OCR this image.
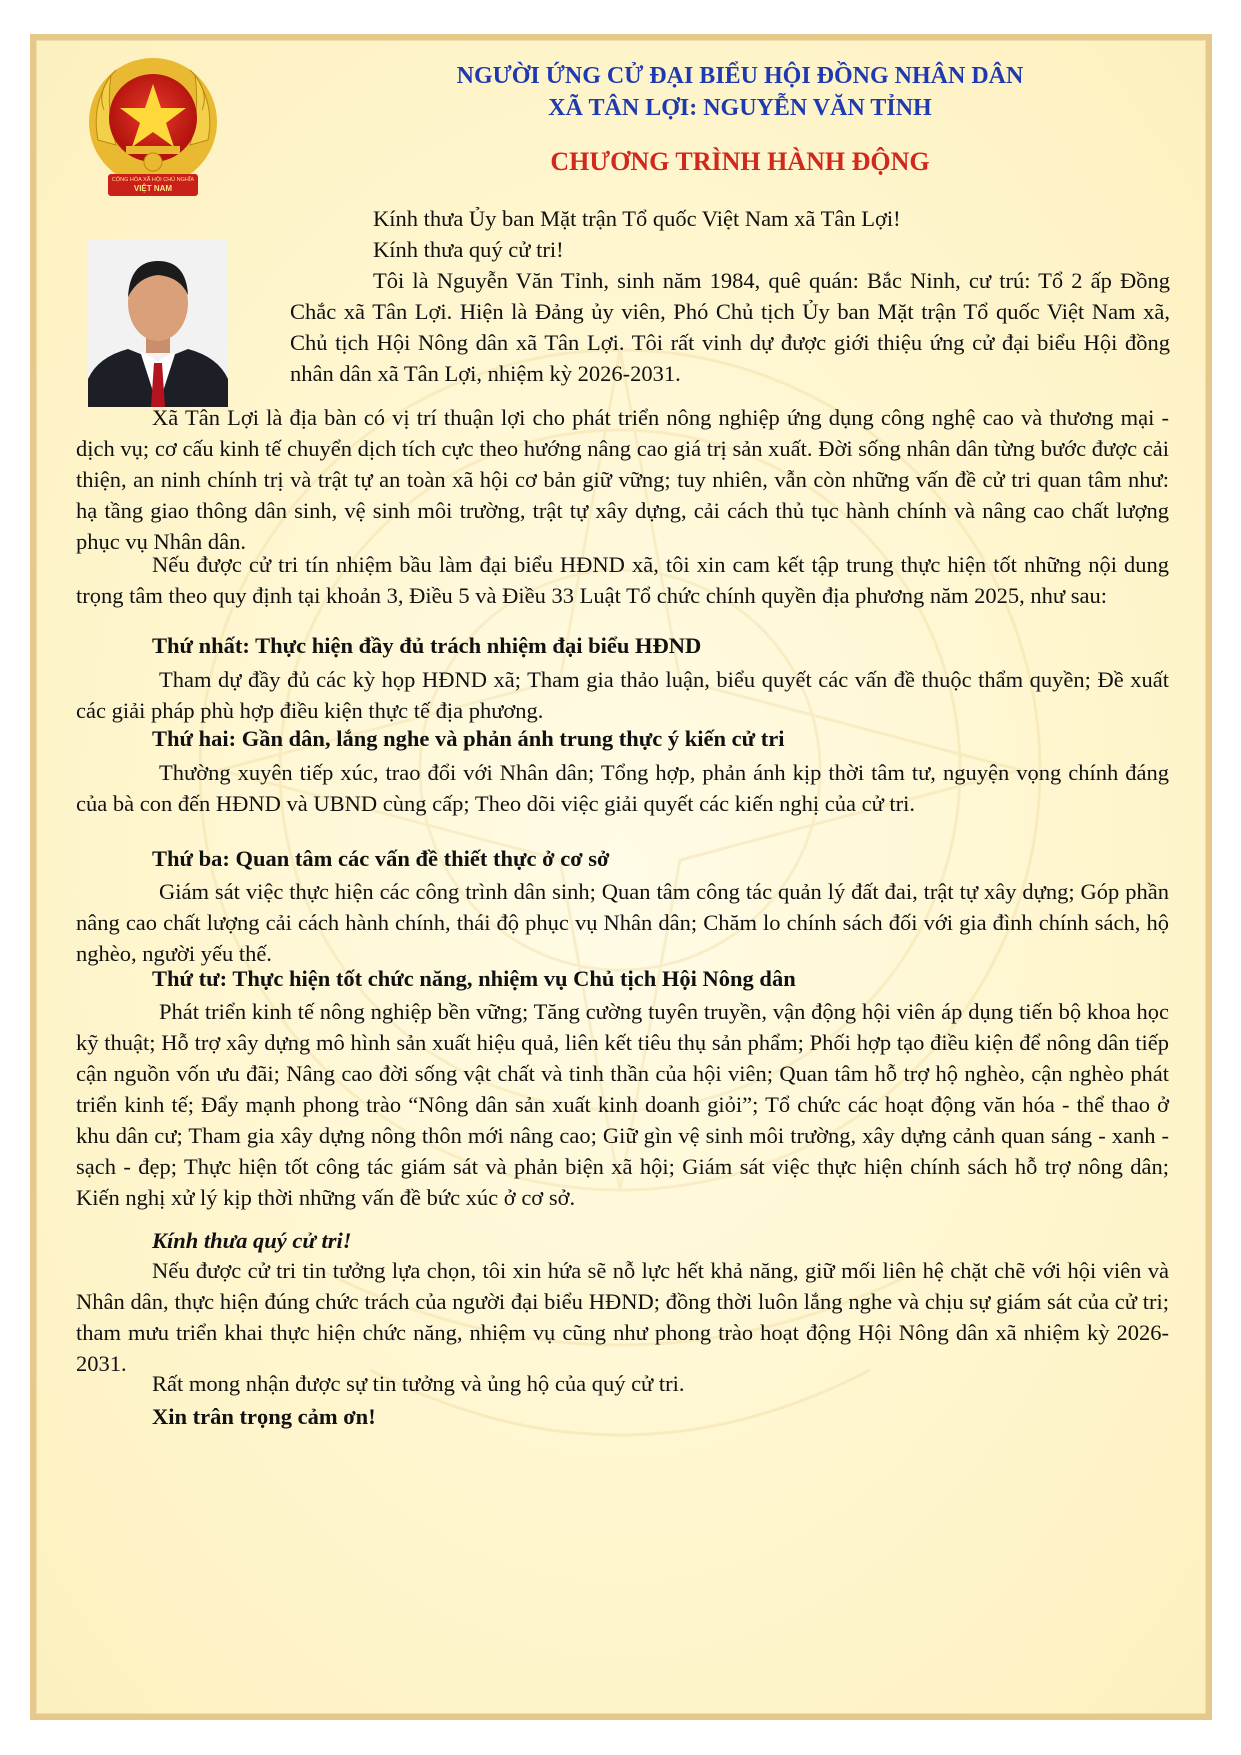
CỘNG HÒA XÃ HỘI CHỦ NGHĨA
VIỆT NAM
NGƯỜI ỨNG CỬ ĐẠI BIỂU HỘI ĐỒNG NHÂN DÂN
XÃ TÂN LỢI: NGUYỄN VĂN TỈNH
CHƯƠNG TRÌNH HÀNH ĐỘNG
Kính thưa Ủy ban Mặt trận Tổ quốc Việt Nam xã Tân Lợi!
Kính thưa quý cử tri!
Tôi là Nguyễn Văn Tỉnh, sinh năm 1984, quê quán: Bắc Ninh, cư trú: Tổ 2 ấp Đồng Chắc xã Tân Lợi. Hiện là Đảng ủy viên, Phó Chủ tịch Ủy ban Mặt trận Tổ quốc Việt Nam xã, Chủ tịch Hội Nông dân xã Tân Lợi. Tôi rất vinh dự được giới thiệu ứng cử đại biểu Hội đồng nhân dân xã Tân Lợi, nhiệm kỳ 2026-2031.
Xã Tân Lợi là địa bàn có vị trí thuận lợi cho phát triển nông nghiệp ứng dụng công nghệ cao và thương mại - dịch vụ; cơ cấu kinh tế chuyển dịch tích cực theo hướng nâng cao giá trị sản xuất. Đời sống nhân dân từng bước được cải thiện, an ninh chính trị và trật tự an toàn xã hội cơ bản giữ vững; tuy nhiên, vẫn còn những vấn đề cử tri quan tâm như: hạ tầng giao thông dân sinh, vệ sinh môi trường, trật tự xây dựng, cải cách thủ tục hành chính và nâng cao chất lượng phục vụ Nhân dân.
Nếu được cử tri tín nhiệm bầu làm đại biểu HĐND xã, tôi xin cam kết tập trung thực hiện tốt những nội dung trọng tâm theo quy định tại khoản 3, Điều 5 và Điều 33 Luật Tổ chức chính quyền địa phương năm 2025, như sau:
Thứ nhất: Thực hiện đầy đủ trách nhiệm đại biểu HĐND
Tham dự đầy đủ các kỳ họp HĐND xã; Tham gia thảo luận, biểu quyết các vấn đề thuộc thẩm quyền; Đề xuất các giải pháp phù hợp điều kiện thực tế địa phương.
Thứ hai: Gần dân, lắng nghe và phản ánh trung thực ý kiến cử tri
Thường xuyên tiếp xúc, trao đổi với Nhân dân; Tổng hợp, phản ánh kịp thời tâm tư, nguyện vọng chính đáng của bà con đến HĐND và UBND cùng cấp; Theo dõi việc giải quyết các kiến nghị của cử tri.
Thứ ba: Quan tâm các vấn đề thiết thực ở cơ sở
Giám sát việc thực hiện các công trình dân sinh; Quan tâm công tác quản lý đất đai, trật tự xây dựng; Góp phần nâng cao chất lượng cải cách hành chính, thái độ phục vụ Nhân dân; Chăm lo chính sách đối với gia đình chính sách, hộ nghèo, người yếu thế.
Thứ tư: Thực hiện tốt chức năng, nhiệm vụ Chủ tịch Hội Nông dân
Phát triển kinh tế nông nghiệp bền vững; Tăng cường tuyên truyền, vận động hội viên áp dụng tiến bộ khoa học kỹ thuật; Hỗ trợ xây dựng mô hình sản xuất hiệu quả, liên kết tiêu thụ sản phẩm; Phối hợp tạo điều kiện để nông dân tiếp cận nguồn vốn ưu đãi; Nâng cao đời sống vật chất và tinh thần của hội viên; Quan tâm hỗ trợ hộ nghèo, cận nghèo phát triển kinh tế; Đẩy mạnh phong trào “Nông dân sản xuất kinh doanh giỏi”; Tổ chức các hoạt động văn hóa - thể thao ở khu dân cư; Tham gia xây dựng nông thôn mới nâng cao; Giữ gìn vệ sinh môi trường, xây dựng cảnh quan sáng - xanh - sạch - đẹp; Thực hiện tốt công tác giám sát và phản biện xã hội; Giám sát việc thực hiện chính sách hỗ trợ nông dân; Kiến nghị xử lý kịp thời những vấn đề bức xúc ở cơ sở.
Kính thưa quý cử tri!
Nếu được cử tri tin tưởng lựa chọn, tôi xin hứa sẽ nỗ lực hết khả năng, giữ mối liên hệ chặt chẽ với hội viên và Nhân dân, thực hiện đúng chức trách của người đại biểu HĐND; đồng thời luôn lắng nghe và chịu sự giám sát của cử tri; tham mưu triển khai thực hiện chức năng, nhiệm vụ cũng như phong trào hoạt động Hội Nông dân xã nhiệm kỳ 2026-2031.
Rất mong nhận được sự tin tưởng và ủng hộ của quý cử tri.
Xin trân trọng cảm ơn!
